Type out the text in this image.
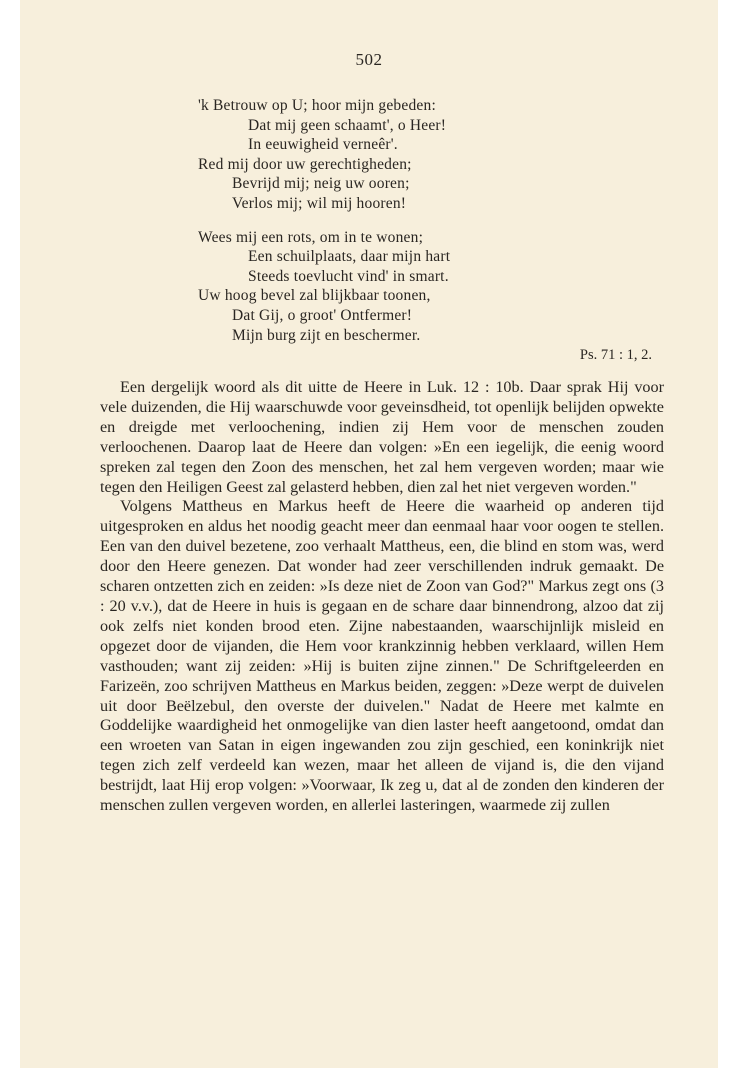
502
'k Betrouw op U; hoor mijn gebeden:
Dat mij geen schaamt', o Heer!
In eeuwigheid verneêr'.
Red mij door uw gerechtigheden;
Bevrijd mij; neig uw ooren;
Verlos mij; wil mij hooren!
Wees mij een rots, om in te wonen;
Een schuilplaats, daar mijn hart
Steeds toevlucht vind' in smart.
Uw hoog bevel zal blijkbaar toonen,
Dat Gij, o groot' Ontfermer!
Mijn burg zijt en beschermer.
Ps. 71 : 1, 2.

Een dergelijk woord als dit uitte de Heere in Luk. 12 : 10b. Daar sprak Hij voor vele duizenden, die Hij waarschuwde voor geveinsdheid, tot openlijk belijden opwekte en dreigde met verloochening, indien zij Hem voor de menschen zouden verloochenen. Daarop laat de Heere dan volgen: »En een iegelijk, die eenig woord spreken zal tegen den Zoon des menschen, het zal hem vergeven worden; maar wie tegen den Heiligen Geest zal gelasterd hebben, dien zal het niet vergeven worden."

Volgens Mattheus en Markus heeft de Heere die waarheid op anderen tijd uitgesproken en aldus het noodig geacht meer dan eenmaal haar voor oogen te stellen. Een van den duivel bezetene, zoo verhaalt Mattheus, een, die blind en stom was, werd door den Heere genezen. Dat wonder had zeer verschillenden indruk gemaakt. De scharen ontzetten zich en zeiden: »Is deze niet de Zoon van God?" Markus zegt ons (3 : 20 v.v.), dat de Heere in huis is gegaan en de schare daar binnendrong, alzoo dat zij ook zelfs niet konden brood eten. Zijne nabestaanden, waarschijnlijk misleid en opgezet door de vijanden, die Hem voor krankzinnig hebben verklaard, willen Hem vasthouden; want zij zeiden: »Hij is buiten zijne zinnen." De Schriftgeleerden en Farizeën, zoo schrijven Mattheus en Markus beiden, zeggen: »Deze werpt de duivelen uit door Beëlzebul, den overste der duivelen." Nadat de Heere met kalmte en Goddelijke waardigheid het onmogelijke van dien laster heeft aangetoond, omdat dan een wroeten van Satan in eigen ingewanden zou zijn geschied, een koninkrijk niet tegen zich zelf verdeeld kan wezen, maar het alleen de vijand is, die den vijand bestrijdt, laat Hij erop volgen: »Voorwaar, Ik zeg u, dat al de zonden den kinderen der menschen zullen vergeven worden, en allerlei lasteringen, waarmede zij zullen
